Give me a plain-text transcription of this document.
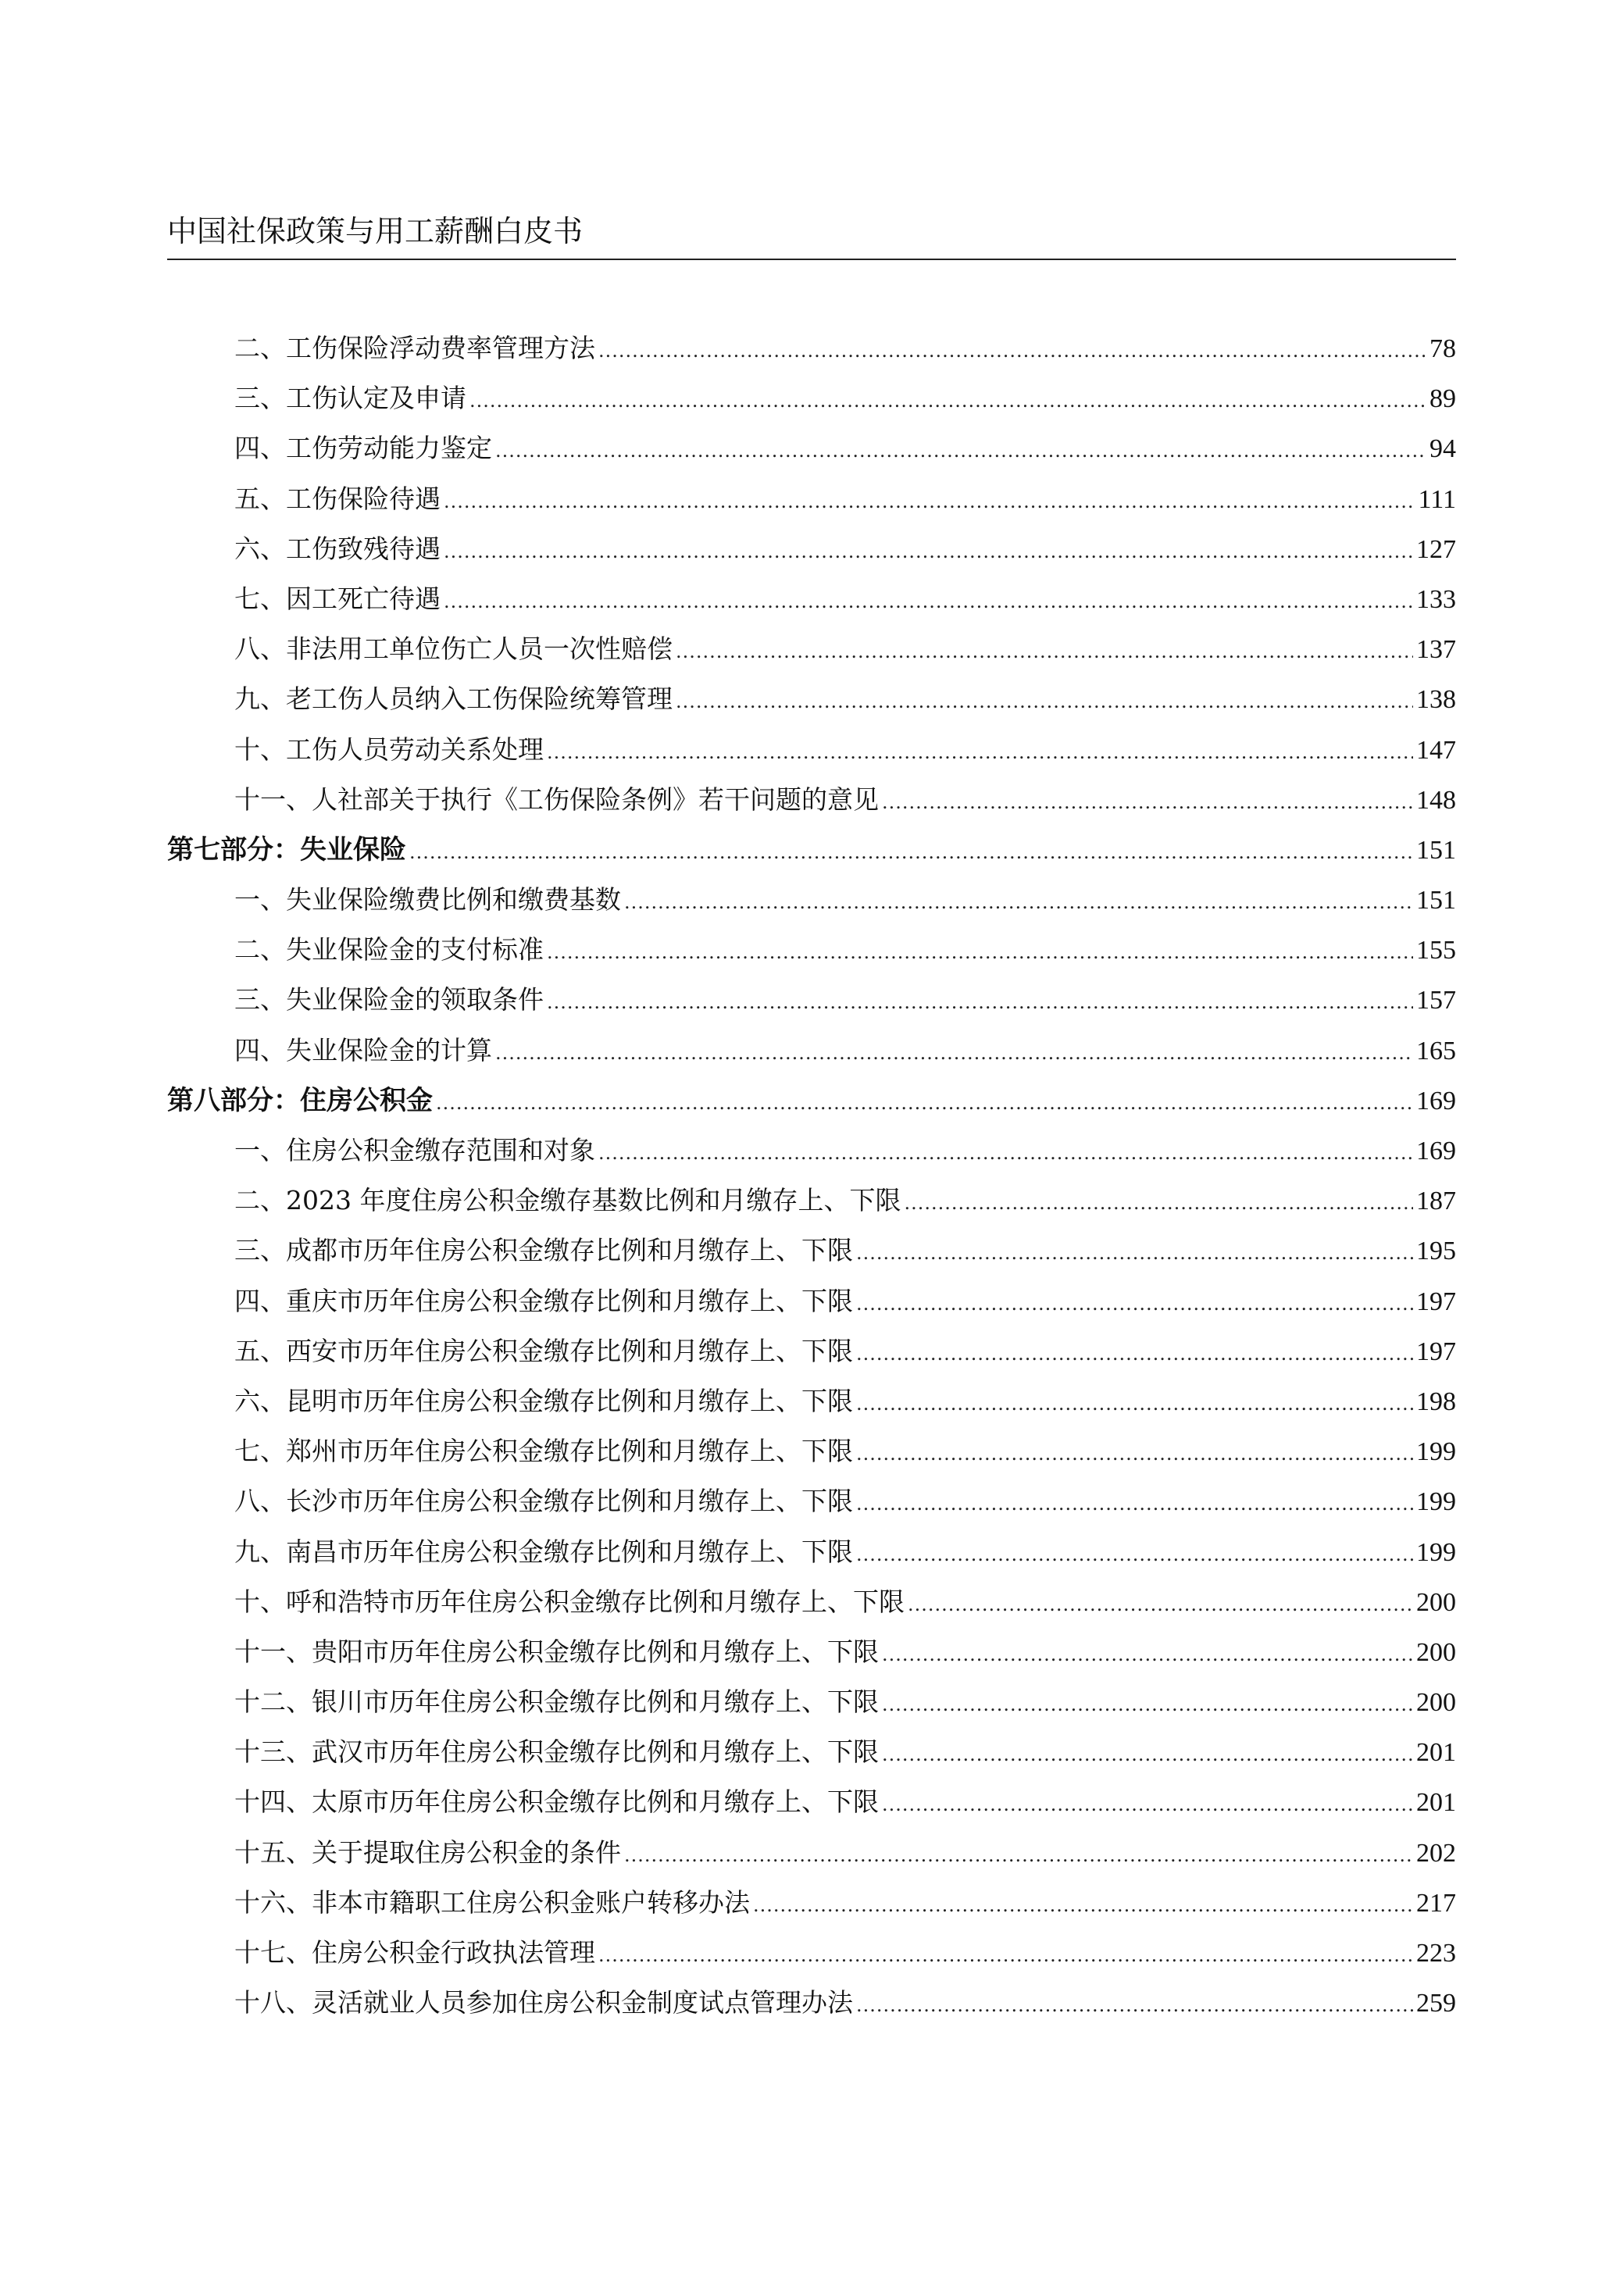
中国社保政策与用工薪酬白皮书
二、工伤保险浮动费率管理方法 .....	78
三、工伤认定及申请 .....	89
四、工伤劳动能力鉴定 .....	94
五、工伤保险待遇 .....	111
六、工伤致残待遇 .....	127
七、因工死亡待遇 .....	133
八、非法用工单位伤亡人员一次性赔偿 .....	137
九、老工伤人员纳入工伤保险统筹管理 .....	138
十、工伤人员劳动关系处理 .....	147
十一、人社部关于执行《工伤保险条例》若干问题的意见 .....	148
第七部分：失业保险 .....	151
一、失业保险缴费比例和缴费基数 .....	151
二、失业保险金的支付标准 .....	155
三、失业保险金的领取条件 .....	157
四、失业保险金的计算 .....	165
第八部分：住房公积金 .....	169
一、住房公积金缴存范围和对象 .....	169
二、2023 年度住房公积金缴存基数比例和月缴存上、下限 .....	187
三、成都市历年住房公积金缴存比例和月缴存上、下限 .....	195
四、重庆市历年住房公积金缴存比例和月缴存上、下限 .....	197
五、西安市历年住房公积金缴存比例和月缴存上、下限 .....	197
六、昆明市历年住房公积金缴存比例和月缴存上、下限 .....	198
七、郑州市历年住房公积金缴存比例和月缴存上、下限 .....	199
八、长沙市历年住房公积金缴存比例和月缴存上、下限 .....	199
九、南昌市历年住房公积金缴存比例和月缴存上、下限 .....	199
十、呼和浩特市历年住房公积金缴存比例和月缴存上、下限 .....	200
十一、贵阳市历年住房公积金缴存比例和月缴存上、下限 .....	200
十二、银川市历年住房公积金缴存比例和月缴存上、下限 .....	200
十三、武汉市历年住房公积金缴存比例和月缴存上、下限 .....	201
十四、太原市历年住房公积金缴存比例和月缴存上、下限 .....	201
十五、关于提取住房公积金的条件 .....	202
十六、非本市籍职工住房公积金账户转移办法 .....	217
十七、住房公积金行政执法管理 .....	223
十八、灵活就业人员参加住房公积金制度试点管理办法 .....	259
